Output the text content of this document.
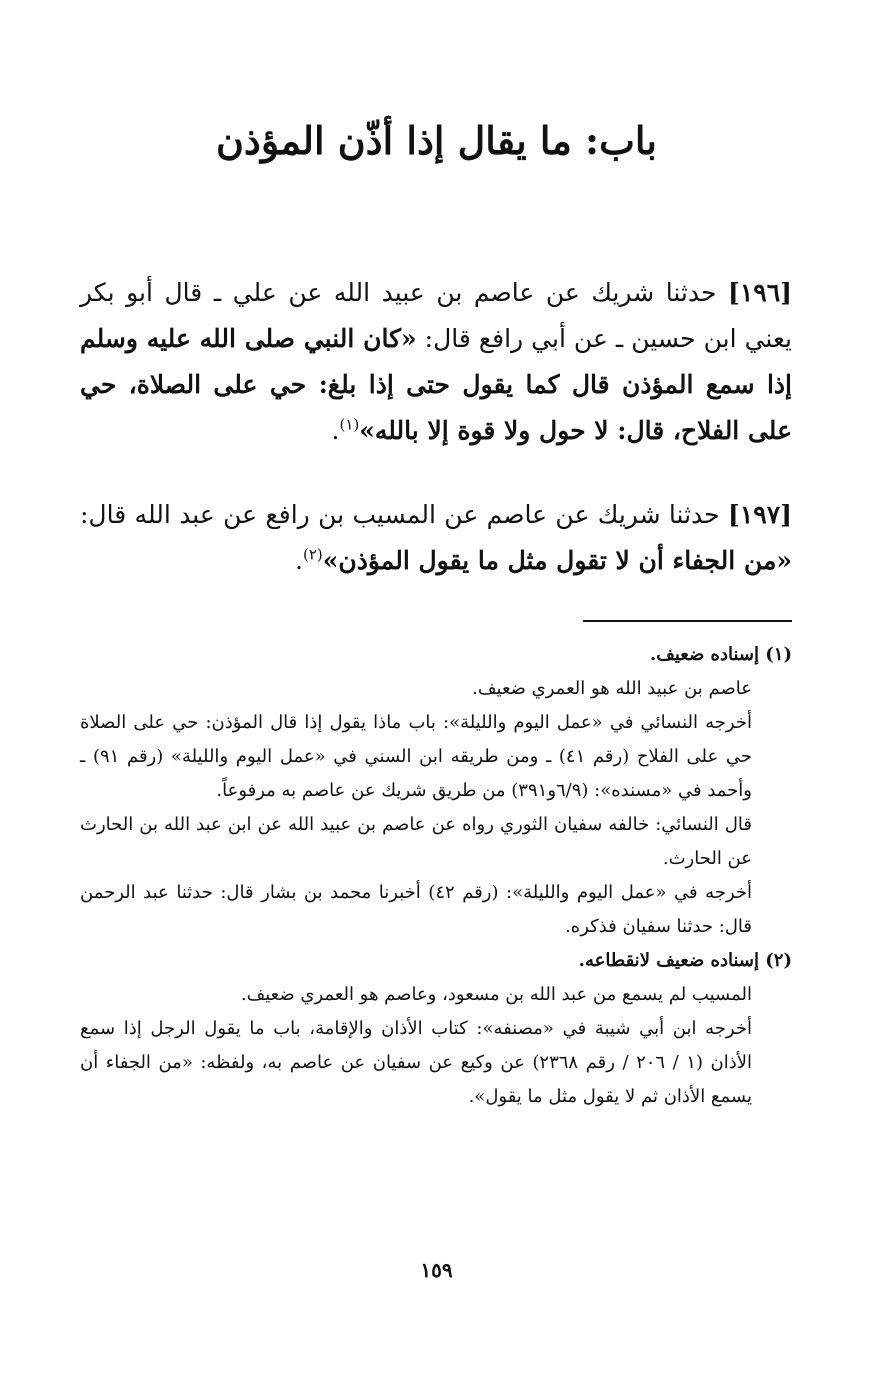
باب: ما يقال إذا أذّن المؤذن
[١٩٦] حدثنا شريك عن عاصم بن عبيد الله عن علي ـ قال أبو بكر يعني ابن حسين ـ عن أبي رافع قال: «كان النبي صلى الله عليه وسلم إذا سمع المؤذن قال كما يقول حتى إذا بلغ: حي على الصلاة، حي على الفلاح، قال: لا حول ولا قوة إلا بالله»$^{(١)}$.
[١٩٧] حدثنا شريك عن عاصم عن المسيب بن رافع عن عبد الله قال: «من الجفاء أن لا تقول مثل ما يقول المؤذن»$^{(٢)}$.
(١) إسناده ضعيف.

عاصم بن عبيد الله هو العمري ضعيف.

أخرجه النسائي في «عمل اليوم والليلة»: باب ماذا يقول إذا قال المؤذن: حي على الصلاة حي على الفلاح (رقم ٤١) ـ ومن طريقه ابن السني في «عمل اليوم والليلة» (رقم ٩١) ـ وأحمد في «مسنده»: (٦/٩و٣٩١) من طريق شريك عن عاصم به مرفوعاً.

قال النسائي: خالفه سفيان الثوري رواه عن عاصم بن عبيد الله عن ابن عبد الله بن الحارث عن الحارث.

أخرجه في «عمل اليوم والليلة»: (رقم ٤٢) أخبرنا محمد بن بشار قال: حدثنا عبد الرحمن قال: حدثنا سفيان فذكره.

(٢) إسناده ضعيف لانقطاعه.

المسيب لم يسمع من عبد الله بن مسعود، وعاصم هو العمري ضعيف.

أخرجه ابن أبي شيبة في «مصنفه»: كتاب الأذان والإقامة، باب ما يقول الرجل إذا سمع الأذان (١ / ٢٠٦ / رقم ٢٣٦٨) عن وكيع عن سفيان عن عاصم به، ولفظه: «من الجفاء أن يسمع الأذان ثم لا يقول مثل ما يقول».

١٥٩
